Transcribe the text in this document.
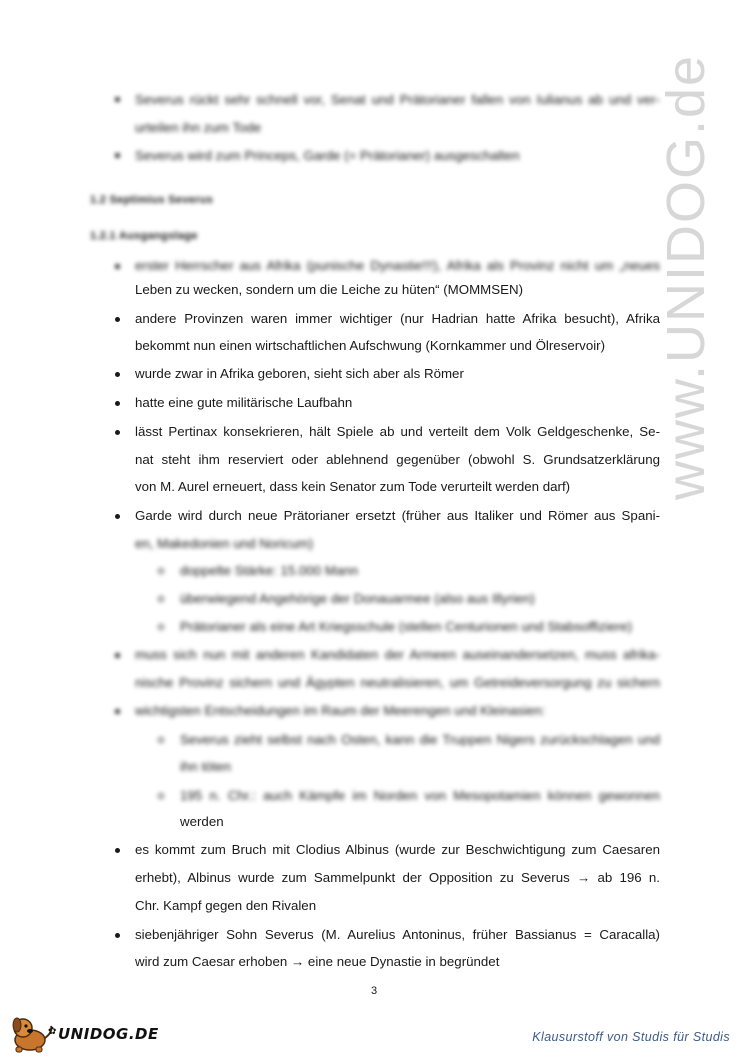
www.UNIDOG.de
Severus rückt sehr schnell vor, Senat und Prätorianer fallen von Iulianus ab und ver-
urteilen ihn zum Tode
Severus wird zum Princeps, Garde (= Prätorianer) ausgeschalten
1.2 Septimius Severus
1.2.1 Ausgangslage
erster Herrscher aus Afrika (punische Dynastie!!!), Afrika als Provinz nicht um „neues
Leben zu wecken, sondern um die Leiche zu hüten“ (MOMMSEN)
andere Provinzen waren immer wichtiger (nur Hadrian hatte Afrika besucht), Afrika
bekommt nun einen wirtschaftlichen Aufschwung (Kornkammer und Ölreservoir)
wurde zwar in Afrika geboren, sieht sich aber als Römer
hatte eine gute militärische Laufbahn
lässt Pertinax konsekrieren, hält Spiele ab und verteilt dem Volk Geldgeschenke, Se-
nat steht ihm reserviert oder ablehnend gegenüber (obwohl S. Grundsatzerklärung
von M. Aurel erneuert, dass kein Senator zum Tode verurteilt werden darf)
Garde wird durch neue Prätorianer ersetzt (früher aus Italiker und Römer aus Spani-
en, Makedonien und Noricum)
doppelte Stärke: 15.000 Mann
überwiegend Angehörige der Donauarmee (also aus Illyrien)
Prätorianer als eine Art Kriegsschule (stellen Centurionen und Stabsoffiziere)
muss sich nun mit anderen Kandidaten der Armeen auseinandersetzen, muss afrika-
nische Provinz sichern und Ägypten neutralisieren, um Getreideversorgung zu sichern
wichtigsten Entscheidungen im Raum der Meerengen und Kleinasien:
Severus zieht selbst nach Osten, kann die Truppen Nigers zurückschlagen und
ihn töten
195 n. Chr.: auch Kämpfe im Norden von Mesopotamien können gewonnen
werden
es kommt zum Bruch mit Clodius Albinus (wurde zur Beschwichtigung zum Caesaren
erhebt), Albinus wurde zum Sammelpunkt der Opposition zu Severus → ab 196 n.
Chr. Kampf gegen den Rivalen
siebenjähriger Sohn Severus (M. Aurelius Antoninus, früher Bassianus = Caracalla)
wird zum Caesar erhoben → eine neue Dynastie in begründet
3
✿ UNIDOG.DE	Klausurstoff von Studis für Studis
